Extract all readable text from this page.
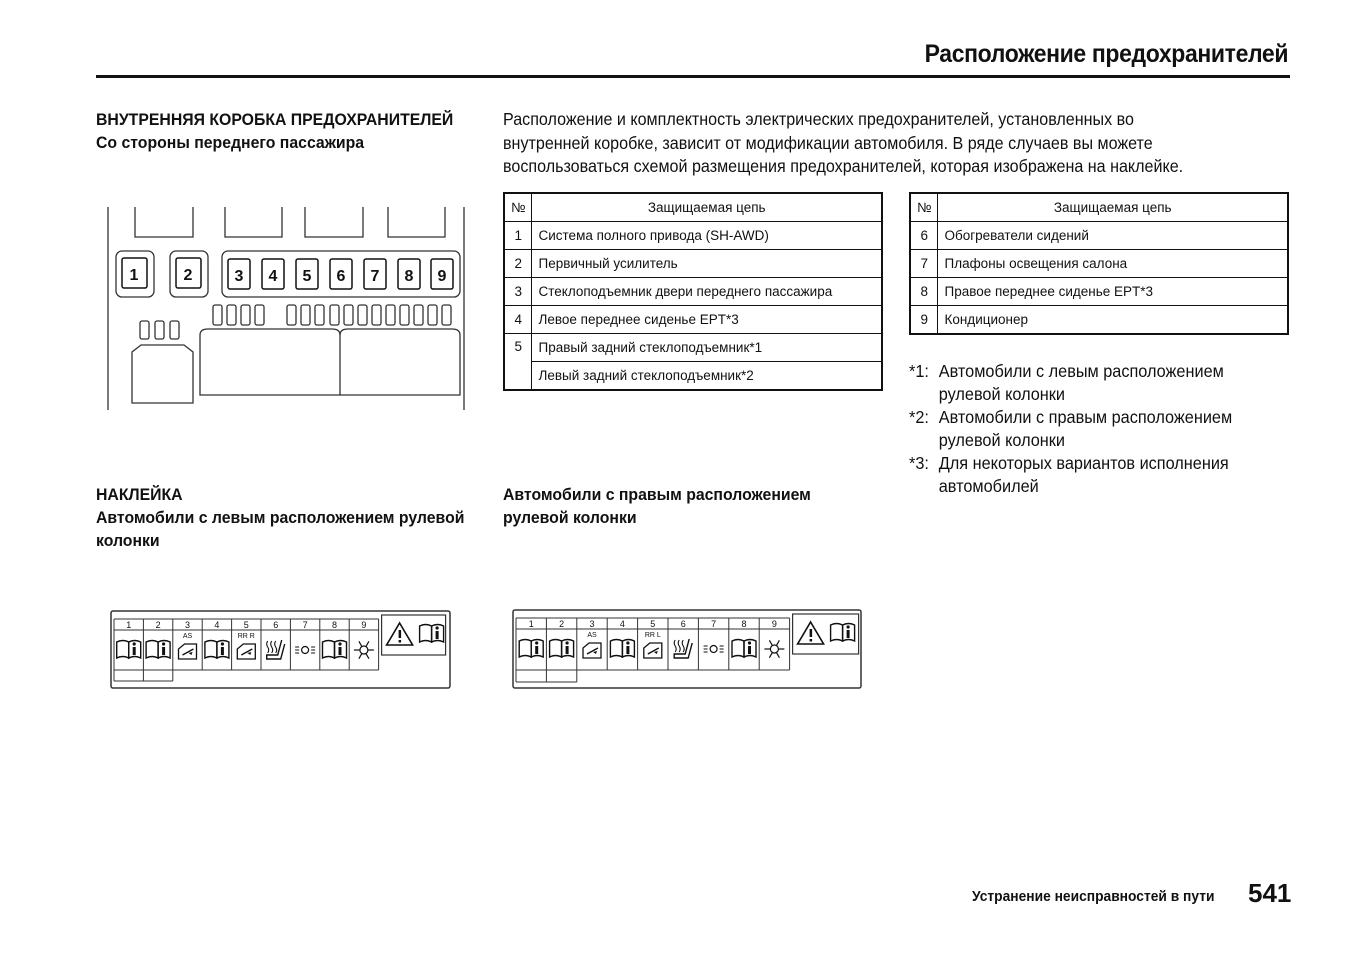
Расположение предохранителей
ВНУТРЕННЯЯ КОРОБКА ПРЕДОХРАНИТЕЛЕЙ
Со стороны переднего пассажира
1	2	3 4 5 6 7 8 9

Расположение и комплектность электрических предохранителей, установленных во

внутренней коробке, зависит от модификации автомобиля. В ряде случаев вы можете

воспользоваться схемой размещения предохранителей, которая изображена на наклейке.

№	Защищаемая цепь
1	Система полного привода (SH-AWD)
2	Первичный усилитель
3	Стеклоподъемник двери переднего пассажира
4	Левое переднее сиденье EPT*3
5	Правый задний стеклоподъемник*1
	Левый задний стеклоподъемник*2
№	Защищаемая цепь
6	Обогреватели сидений
7	Плафоны освещения салона
8	Правое переднее сиденье EPT*3
9	Кондиционер
*1: Автомобили с левым расположением
рулевой колонки
*2: Автомобили с правым расположением
рулевой колонки
*3: Для некоторых вариантов исполнения
автомобилей
НАКЛЕЙКА
Автомобили с левым расположением рулевой
колонки
Автомобили с правым расположением
рулевой колонки
AS	RR R
1	2	3	4	5	6	7	8	9
AS	RR L
1	2	3	4	5	6	7	8	9
Устранение неисправностей в пути 541
